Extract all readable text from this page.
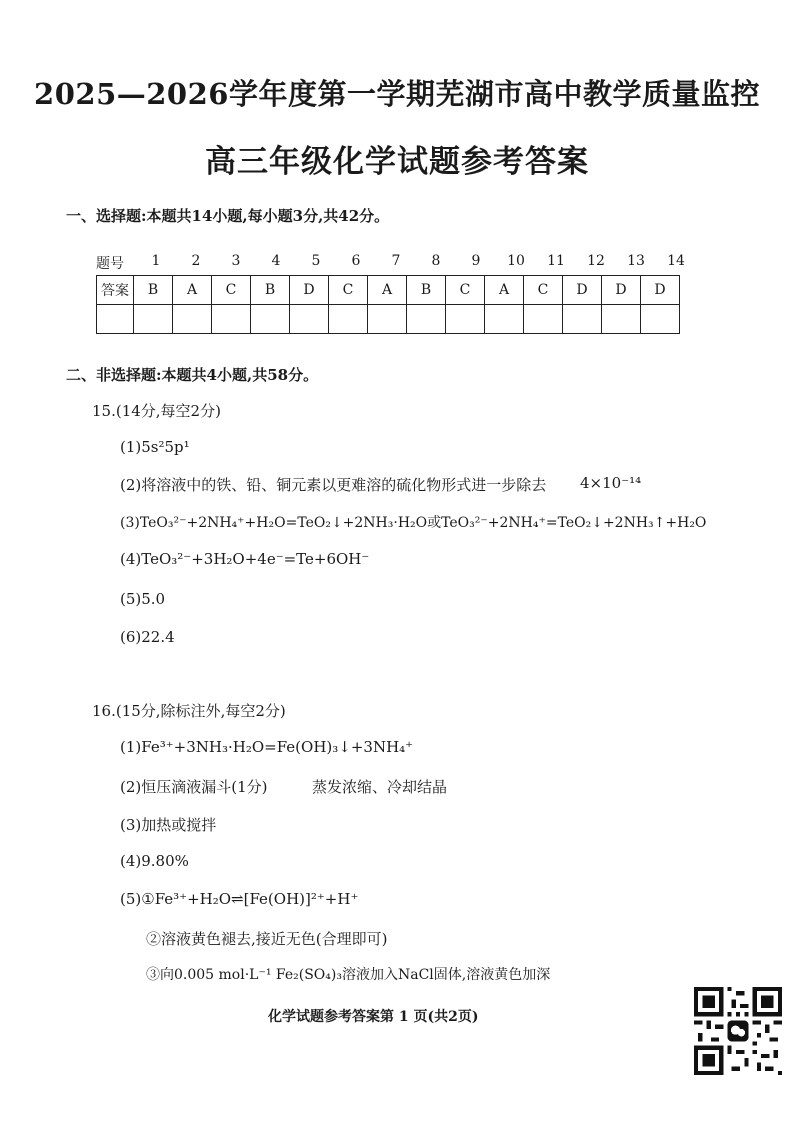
2025—2026学年度第一学期芜湖市高中教学质量监控
高三年级化学试题参考答案
一、选择题:本题共14小题,每小题3分,共42分。
题号	1	2	3	4	5	6	7	8	9	10	11	12	13	14
答案	B	A	C	B	D	C	A	B	C	A	C	D	D	D

二、非选择题:本题共4小题,共58分。
15.(14分,每空2分)
(1)5s²5p¹
(2)将溶液中的铁、铅、铜元素以更难溶的硫化物形式进一步除去 4×10⁻¹⁴
(3)TeO₃²⁻+2NH₄⁺+H₂O=TeO₂↓+2NH₃·H₂O或TeO₃²⁻+2NH₄⁺=TeO₂↓+2NH₃↑+H₂O
(4)TeO₃²⁻+3H₂O+4e⁻=Te+6OH⁻
(5)5.0
(6)22.4
16.(15分,除标注外,每空2分)
(1)Fe³⁺+3NH₃·H₂O=Fe(OH)₃↓+3NH₄⁺
(2)恒压滴液漏斗(1分)	蒸发浓缩、冷却结晶
(3)加热或搅拌
(4)9.80%
(5)①Fe³⁺+H₂O⇌[Fe(OH)]²⁺+H⁺
②溶液黄色褪去,接近无色(合理即可)
③向0.005 mol·L⁻¹ Fe₂(SO₄)₃溶液加入NaCl固体,溶液黄色加深
化学试题参考答案第 1 页(共2页)
